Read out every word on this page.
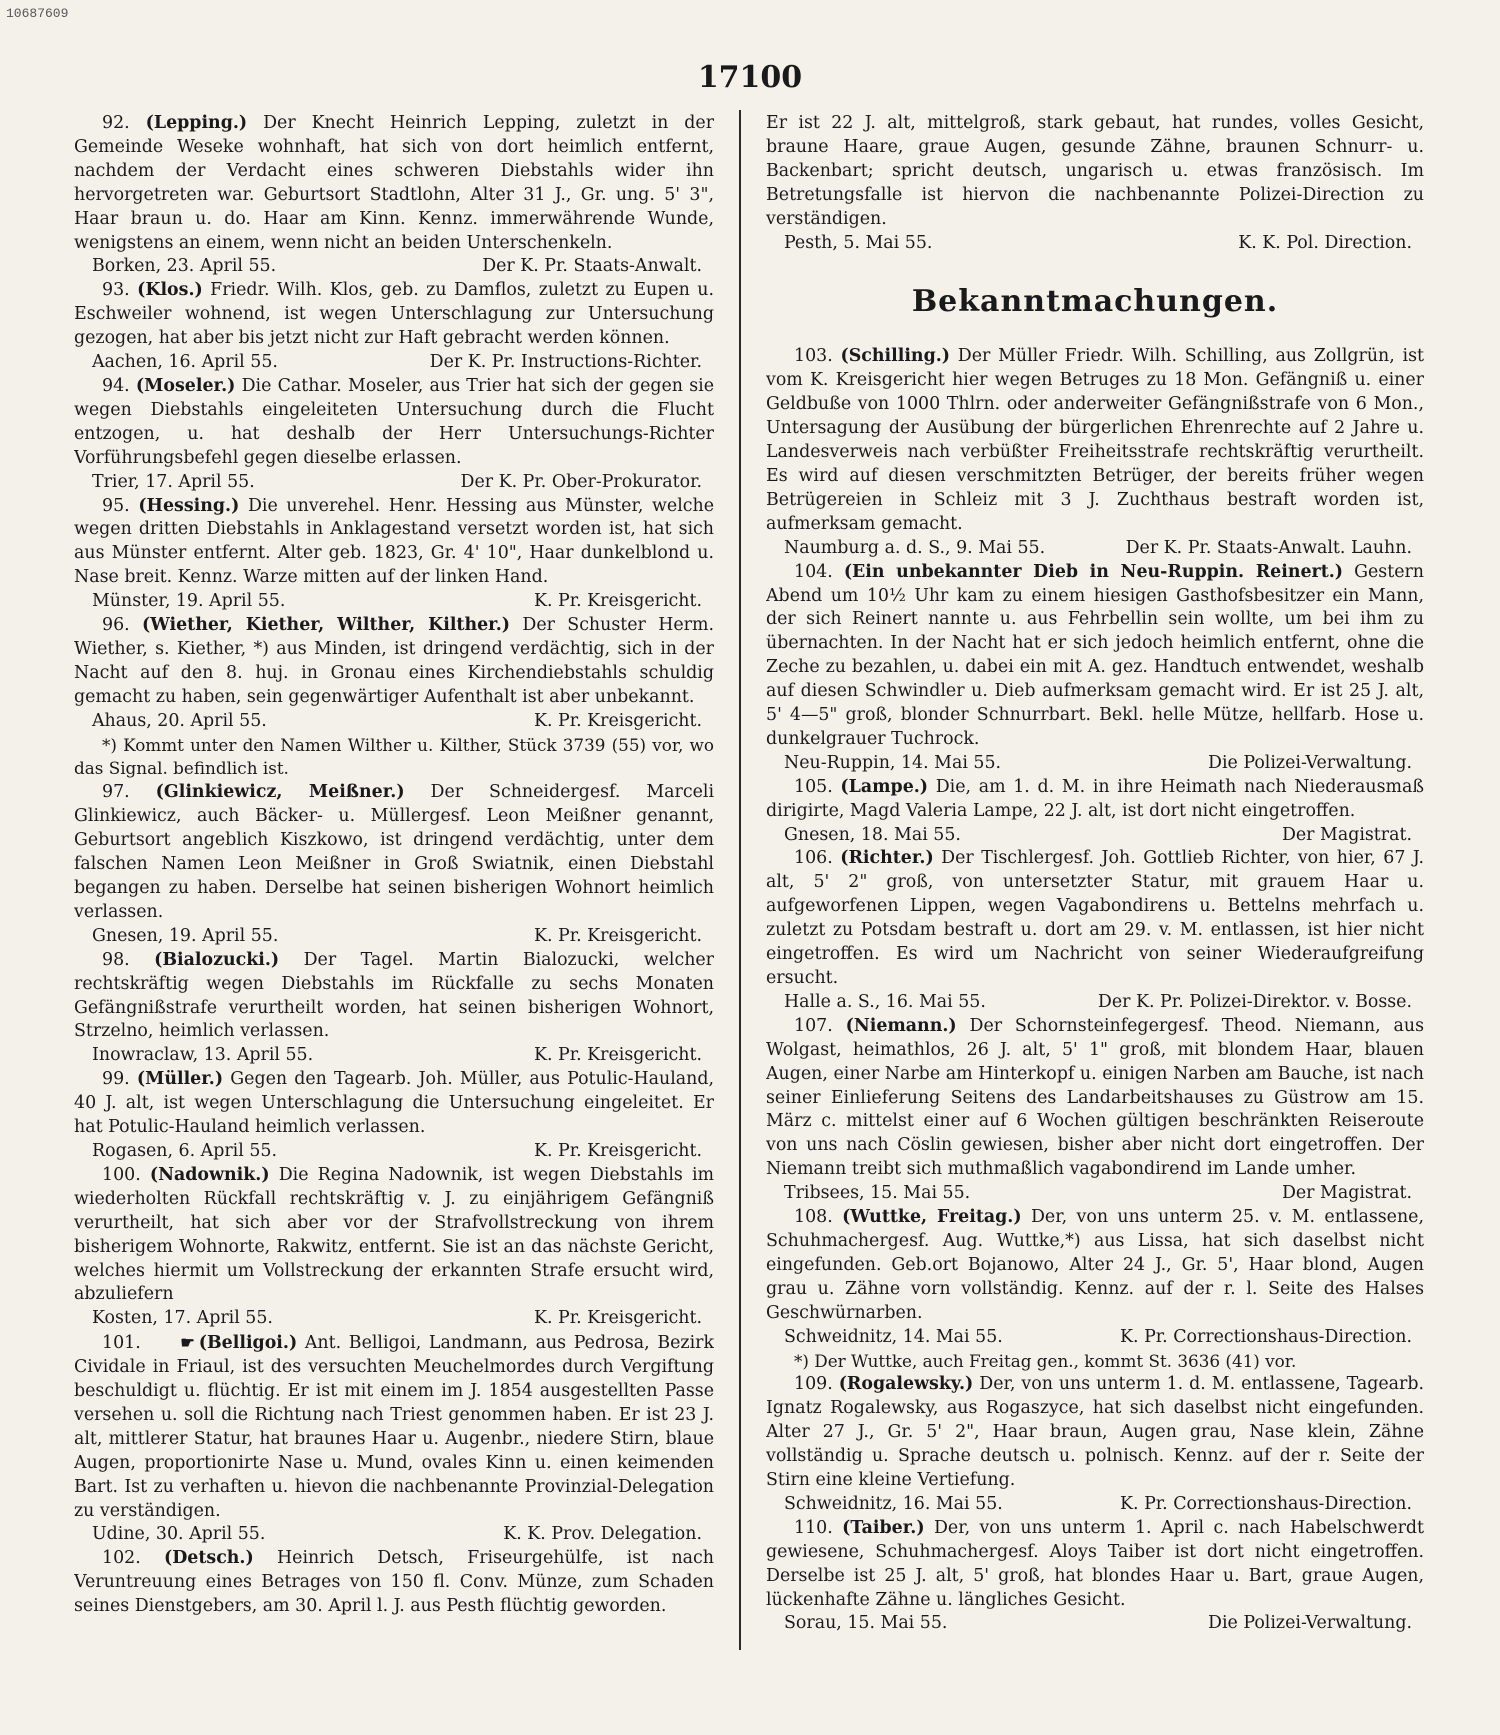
10687609
17100

92. (Lepping.) Der Knecht Heinrich Lepping, zuletzt in der Gemeinde Weseke wohnhaft, hat sich von dort heimlich entfernt, nachdem der Verdacht eines schweren Diebstahls wider ihn hervorgetreten war. Geburtsort Stadtlohn, Alter 31 J., Gr. ung. 5' 3", Haar braun u. do. Haar am Kinn. Kennz. immerwährende Wunde, wenigstens an einem, wenn nicht an beiden Unterschenkeln.

Borken, 23. April 55.	Der K. Pr. Staats-Anwalt.

93. (Klos.) Friedr. Wilh. Klos, geb. zu Damflos, zuletzt zu Eupen u. Eschweiler wohnend, ist wegen Unterschlagung zur Untersuchung gezogen, hat aber bis jetzt nicht zur Haft gebracht werden können.

Aachen, 16. April 55.	Der K. Pr. Instructions-Richter.

94. (Moseler.) Die Cathar. Moseler, aus Trier hat sich der gegen sie wegen Diebstahls eingeleiteten Untersuchung durch die Flucht entzogen, u. hat deshalb der Herr Untersuchungs-Richter Vorführungsbefehl gegen dieselbe erlassen.

Trier, 17. April 55.	Der K. Pr. Ober-Prokurator.

95. (Hessing.) Die unverehel. Henr. Hessing aus Münster, welche wegen dritten Diebstahls in Anklagestand versetzt worden ist, hat sich aus Münster entfernt. Alter geb. 1823, Gr. 4' 10", Haar dunkelblond u. Nase breit. Kennz. Warze mitten auf der linken Hand.

Münster, 19. April 55.	K. Pr. Kreisgericht.

96. (Wiether, Kiether, Wilther, Kilther.) Der Schuster Herm. Wiether, s. Kiether, *) aus Minden, ist dringend verdächtig, sich in der Nacht auf den 8. huj. in Gronau eines Kirchendiebstahls schuldig gemacht zu haben, sein gegenwärtiger Aufenthalt ist aber unbekannt.

Ahaus, 20. April 55.	K. Pr. Kreisgericht.

*) Kommt unter den Namen Wilther u. Kilther, Stück 3739 (55) vor, wo das Signal. befindlich ist.

97. (Glinkiewicz, Meißner.) Der Schneidergesf. Marceli Glinkiewicz, auch Bäcker- u. Müllergesf. Leon Meißner genannt, Geburtsort angeblich Kiszkowo, ist dringend verdächtig, unter dem falschen Namen Leon Meißner in Groß Swiatnik, einen Diebstahl begangen zu haben. Derselbe hat seinen bisherigen Wohnort heimlich verlassen.

Gnesen, 19. April 55.	K. Pr. Kreisgericht.

98. (Bialozucki.) Der Tagel. Martin Bialozucki, welcher rechtskräftig wegen Diebstahls im Rückfalle zu sechs Monaten Gefängnißstrafe verurtheilt worden, hat seinen bisherigen Wohnort, Strzelno, heimlich verlassen.

Inowraclaw, 13. April 55.	K. Pr. Kreisgericht.

99. (Müller.) Gegen den Tagearb. Joh. Müller, aus Potulic-Hauland, 40 J. alt, ist wegen Unterschlagung die Untersuchung eingeleitet. Er hat Potulic-Hauland heimlich verlassen.

Rogasen, 6. April 55.	K. Pr. Kreisgericht.

100. (Nadownik.) Die Regina Nadownik, ist wegen Diebstahls im wiederholten Rückfall rechtskräftig v. J. zu einjährigem Gefängniß verurtheilt, hat sich aber vor der Strafvollstreckung von ihrem bisherigem Wohnorte, Rakwitz, entfernt. Sie ist an das nächste Gericht, welches hiermit um Vollstreckung der erkannten Strafe ersucht wird, abzuliefern

Kosten, 17. April 55.	K. Pr. Kreisgericht.

101. ☛ (Belligoi.) Ant. Belligoi, Landmann, aus Pedrosa, Bezirk Cividale in Friaul, ist des versuchten Meuchelmordes durch Vergiftung beschuldigt u. flüchtig. Er ist mit einem im J. 1854 ausgestellten Passe versehen u. soll die Richtung nach Triest genommen haben. Er ist 23 J. alt, mittlerer Statur, hat braunes Haar u. Augenbr., niedere Stirn, blaue Augen, proportionirte Nase u. Mund, ovales Kinn u. einen keimenden Bart. Ist zu verhaften u. hievon die nachbenannte Provinzial-Delegation zu verständigen.

Udine, 30. April 55.	K. K. Prov. Delegation.

102. (Detsch.) Heinrich Detsch, Friseurgehülfe, ist nach Veruntreuung eines Betrages von 150 fl. Conv. Münze, zum Schaden seines Dienstgebers, am 30. April l. J. aus Pesth flüchtig geworden.

Er ist 22 J. alt, mittelgroß, stark gebaut, hat rundes, volles Gesicht, braune Haare, graue Augen, gesunde Zähne, braunen Schnurr- u. Backenbart; spricht deutsch, ungarisch u. etwas französisch. Im Betretungsfalle ist hiervon die nachbenannte Polizei-Direction zu verständigen.

Pesth, 5. Mai 55.	K. K. Pol. Direction.

Bekanntmachungen.

103. (Schilling.) Der Müller Friedr. Wilh. Schilling, aus Zollgrün, ist vom K. Kreisgericht hier wegen Betruges zu 18 Mon. Gefängniß u. einer Geldbuße von 1000 Thlrn. oder anderweiter Gefängnißstrafe von 6 Mon., Untersagung der Ausübung der bürgerlichen Ehrenrechte auf 2 Jahre u. Landesverweis nach verbüßter Freiheitsstrafe rechtskräftig verurtheilt. Es wird auf diesen verschmitzten Betrüger, der bereits früher wegen Betrügereien in Schleiz mit 3 J. Zuchthaus bestraft worden ist, aufmerksam gemacht.

Naumburg a. d. S., 9. Mai 55.	Der K. Pr. Staats-Anwalt. Lauhn.

104. (Ein unbekannter Dieb in Neu-Ruppin. Reinert.) Gestern Abend um 10½ Uhr kam zu einem hiesigen Gasthofsbesitzer ein Mann, der sich Reinert nannte u. aus Fehrbellin sein wollte, um bei ihm zu übernachten. In der Nacht hat er sich jedoch heimlich entfernt, ohne die Zeche zu bezahlen, u. dabei ein mit A. gez. Handtuch entwendet, weshalb auf diesen Schwindler u. Dieb aufmerksam gemacht wird. Er ist 25 J. alt, 5' 4—5" groß, blonder Schnurrbart. Bekl. helle Mütze, hellfarb. Hose u. dunkelgrauer Tuchrock.

Neu-Ruppin, 14. Mai 55.	Die Polizei-Verwaltung.

105. (Lampe.) Die, am 1. d. M. in ihre Heimath nach Niederausmaß dirigirte, Magd Valeria Lampe, 22 J. alt, ist dort nicht eingetroffen.

Gnesen, 18. Mai 55.	Der Magistrat.

106. (Richter.) Der Tischlergesf. Joh. Gottlieb Richter, von hier, 67 J. alt, 5' 2" groß, von untersetzter Statur, mit grauem Haar u. aufgeworfenen Lippen, wegen Vagabondirens u. Bettelns mehrfach u. zuletzt zu Potsdam bestraft u. dort am 29. v. M. entlassen, ist hier nicht eingetroffen. Es wird um Nachricht von seiner Wiederaufgreifung ersucht.

Halle a. S., 16. Mai 55.	Der K. Pr. Polizei-Direktor. v. Bosse.

107. (Niemann.) Der Schornsteinfegergesf. Theod. Niemann, aus Wolgast, heimathlos, 26 J. alt, 5' 1" groß, mit blondem Haar, blauen Augen, einer Narbe am Hinterkopf u. einigen Narben am Bauche, ist nach seiner Einlieferung Seitens des Landarbeitshauses zu Güstrow am 15. März c. mittelst einer auf 6 Wochen gültigen beschränkten Reiseroute von uns nach Cöslin gewiesen, bisher aber nicht dort eingetroffen. Der Niemann treibt sich muthmaßlich vagabondirend im Lande umher.

Tribsees, 15. Mai 55.	Der Magistrat.

108. (Wuttke, Freitag.) Der, von uns unterm 25. v. M. entlassene, Schuhmachergesf. Aug. Wuttke,*) aus Lissa, hat sich daselbst nicht eingefunden. Geb.ort Bojanowo, Alter 24 J., Gr. 5', Haar blond, Augen grau u. Zähne vorn vollständig. Kennz. auf der r. l. Seite des Halses Geschwürnarben.

Schweidnitz, 14. Mai 55.	K. Pr. Correctionshaus-Direction.

*) Der Wuttke, auch Freitag gen., kommt St. 3636 (41) vor.

109. (Rogalewsky.) Der, von uns unterm 1. d. M. entlassene, Tagearb. Ignatz Rogalewsky, aus Rogaszyce, hat sich daselbst nicht eingefunden. Alter 27 J., Gr. 5' 2", Haar braun, Augen grau, Nase klein, Zähne vollständig u. Sprache deutsch u. polnisch. Kennz. auf der r. Seite der Stirn eine kleine Vertiefung.

Schweidnitz, 16. Mai 55.	K. Pr. Correctionshaus-Direction.

110. (Taiber.) Der, von uns unterm 1. April c. nach Habelschwerdt gewiesene, Schuhmachergesf. Aloys Taiber ist dort nicht eingetroffen. Derselbe ist 25 J. alt, 5' groß, hat blondes Haar u. Bart, graue Augen, lückenhafte Zähne u. längliches Gesicht.

Sorau, 15. Mai 55.	Die Polizei-Verwaltung.
